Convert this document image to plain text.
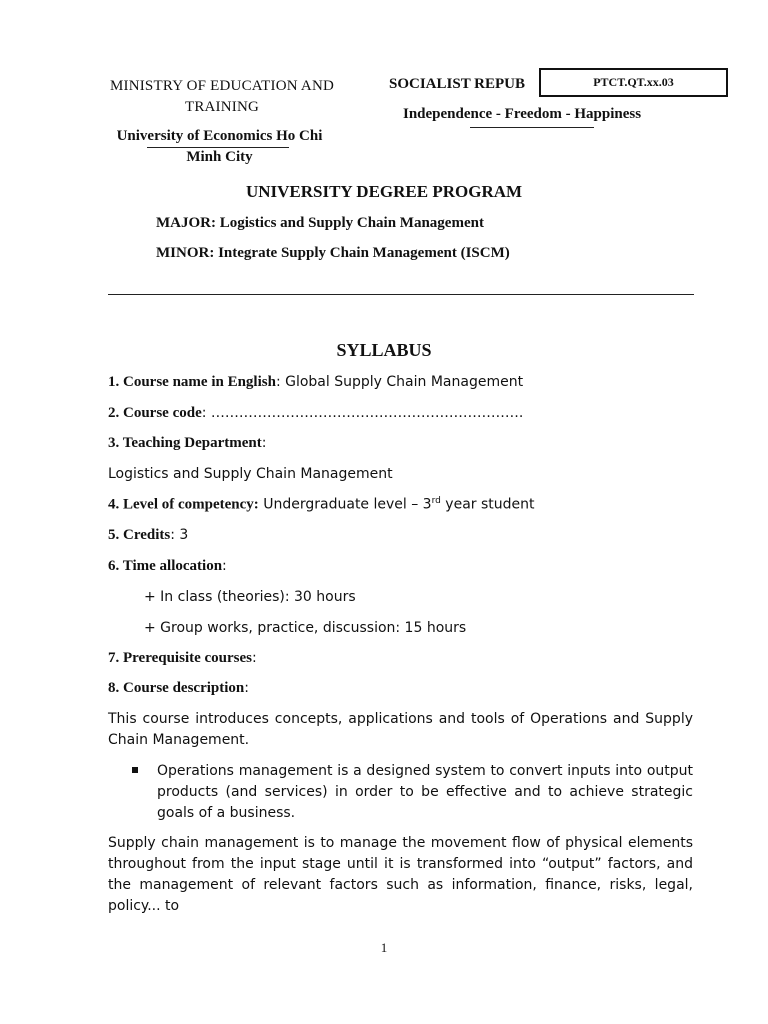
PTCT.QT.xx.03
MINISTRY OF EDUCATION AND TRAINING
University of Economics Ho Chi Minh City
SOCIALIST REPUB
Independence - Freedom - Happiness
UNIVERSITY DEGREE PROGRAM
MAJOR: Logistics and Supply Chain Management
MINOR: Integrate Supply Chain Management (ISCM)
SYLLABUS
1. Course name in English: Global Supply Chain Management
2. Course code: ………………………………………………………….
3. Teaching Department:
Logistics and Supply Chain Management
4. Level of competency: Undergraduate level – 3rd year student
5. Credits: 3
6. Time allocation:
+ In class (theories): 30 hours
+ Group works, practice, discussion: 15 hours
7. Prerequisite courses:
8. Course description:
This course introduces concepts, applications and tools of Operations and Supply Chain Management.
Operations management is a designed system to convert inputs into output products (and services) in order to be effective and to achieve strategic goals of a business.
Supply chain management is to manage the movement flow of physical elements throughout from the input stage until it is transformed into “output” factors, and the management of relevant factors such as information, finance, risks, legal, policy... to
1
